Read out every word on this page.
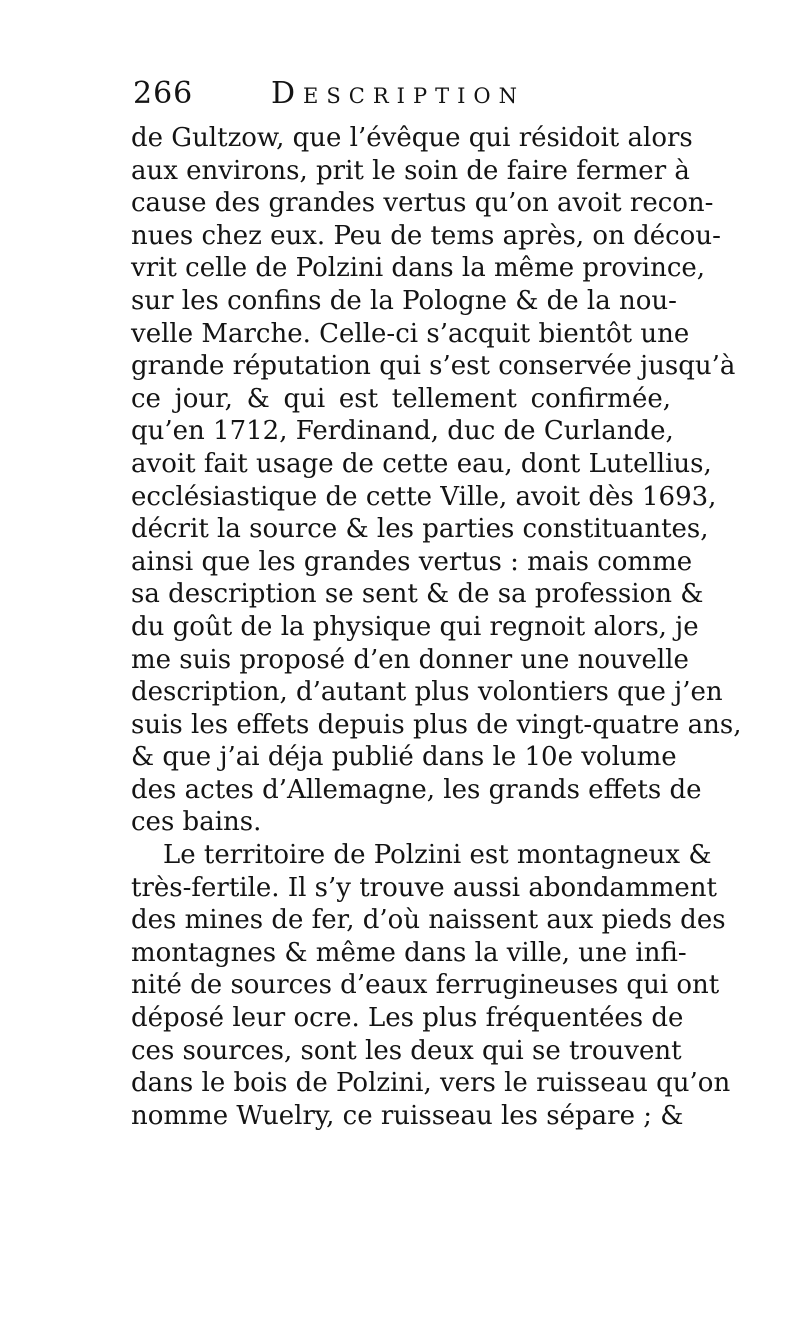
266	Description
de Gultzow, que l’évêque qui résidoit alors
aux environs, prit le soin de faire fermer à
cause des grandes vertus qu’on avoit recon-
nues chez eux. Peu de tems après, on décou-
vrit celle de Polzini dans la même province,
sur les confins de la Pologne & de la nou-
velle Marche. Celle-ci s’acquit bientôt une
grande réputation qui s’est conservée jusqu’à
ce jour, & qui est tellement confirmée,
qu’en 1712, Ferdinand, duc de Curlande,
avoit fait usage de cette eau, dont Lutellius,
ecclésiastique de cette Ville, avoit dès 1693,
décrit la source & les parties constituantes,
ainsi que les grandes vertus : mais comme
sa description se sent & de sa profession &
du goût de la physique qui regnoit alors, je
me suis proposé d’en donner une nouvelle
description, d’autant plus volontiers que j’en
suis les effets depuis plus de vingt-quatre ans,
& que j’ai déja publié dans le 10e volume
des actes d’Allemagne, les grands effets de
ces bains.
Le territoire de Polzini est montagneux &
très-fertile. Il s’y trouve aussi abondamment
des mines de fer, d’où naissent aux pieds des
montagnes & même dans la ville, une infi-
nité de sources d’eaux ferrugineuses qui ont
déposé leur ocre. Les plus fréquentées de
ces sources, sont les deux qui se trouvent
dans le bois de Polzini, vers le ruisseau qu’on
nomme Wuelry, ce ruisseau les sépare ; &
